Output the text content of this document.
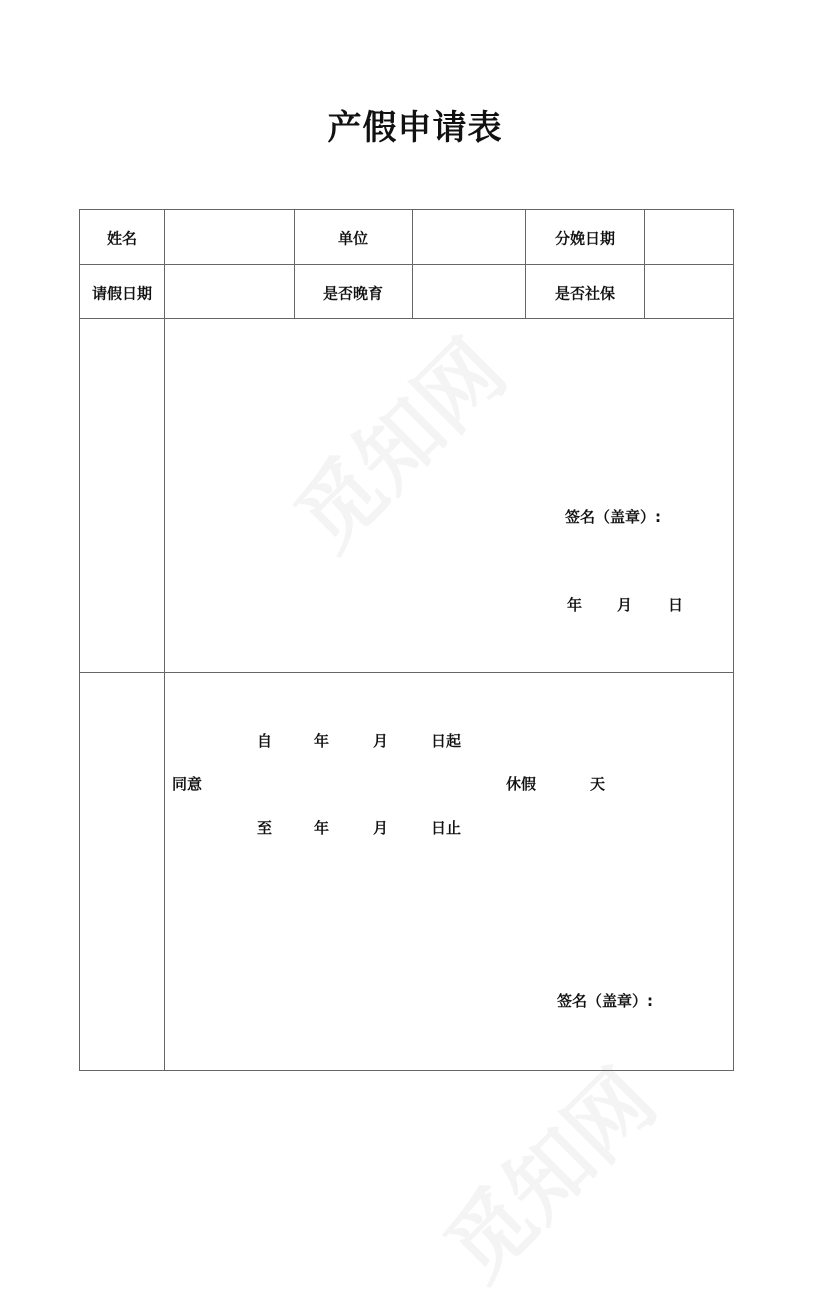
觅知网
觅知网
产假申请表
姓名	单位	分娩日期
请假日期	是否晚育	是否社保
签名（盖章）:
年 月 日
自	年	月	日起
同意	休假	天
至	年	月	日止
签名（盖章）:
